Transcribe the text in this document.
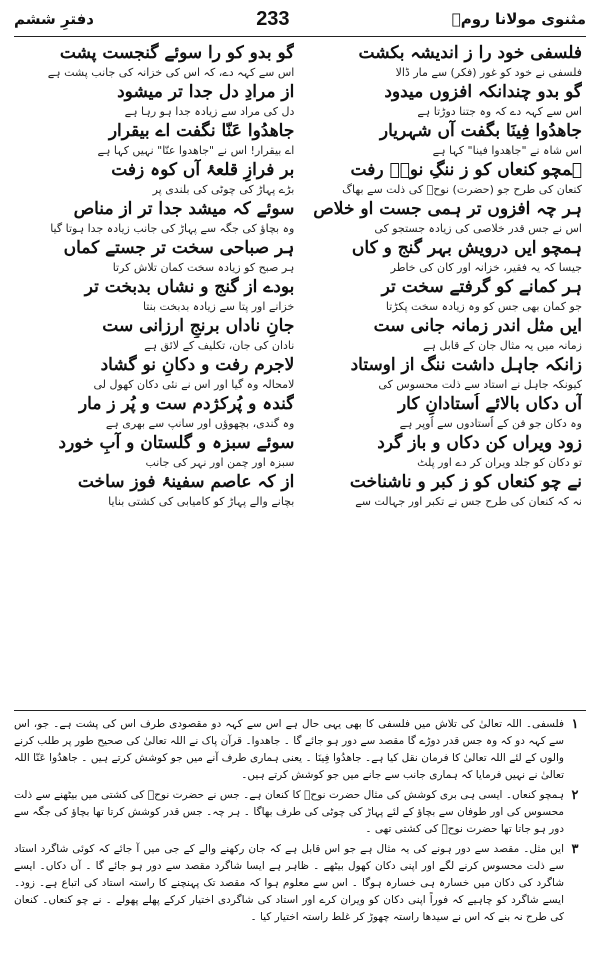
دفترِ ششم	233	مثنوی مولانا رومؒ
فلسفی خود را ز اندیشہ بکشت
فلسفی نے خود کو غور (فکر) سے مار ڈالا
گو بدو کو را سوئے گنجست پشت
اس سے کہہ دے، کہ اس کی خزانہ کی جانب پشت ہے
گو بدو چندانکہ افزوں میدود
اس سے کہہ دے کہ وہ جتنا دوڑتا ہے
از مرادِ دل جدا تر میشود
دل کی مراد سے زیادہ جدا ہو رہا ہے
جاھدُوا فِینَا بگفت آں شہریار
اس شاہ نے "جاھدوا فینا" کہا ہے
جاھدُوا عَنّا نگفت اے بیقرار
اے بیقرار! اس نے "جاھدوا عنّا" نہیں کہا ہے
ہمچو کنعاں کو ز ننگِ نوحؑ رفت
کنعان کی طرح جو (حضرت) نوحؑ کی ذلت سے بھاگ
بر فرازِ قلعۂ آں کوہ زفت
بڑے پہاڑ کی چوٹی کی بلندی پر
ہر چہ افزوں تر ہمی جست او خلاص
اس نے جس قدر خلاصی کی زیادہ جستجو کی
سوئے کہ میشد جدا تر از مناص
وہ بچاؤ کی جگہ سے پہاڑ کی جانب زیادہ جدا ہوتا گیا
ہمچو ایں درویش بہر گنج و کاں
جیسا کہ یہ فقیر، خزانہ اور کان کی خاطر
ہر صباحی سخت تر جستے کماں
ہر صبح کو زیادہ سخت کمان تلاش کرتا
ہر کمانے کو گرفتے سخت تر
جو کمان بھی جس کو وہ زیادہ سخت پکڑتا
بودے از گنج و نشاں بدبخت تر
خزانے اور پتا سے زیادہ بدبخت بنتا
ایں مثل اندر زمانہ جانی ست
زمانہ میں یہ مثال جان کے قابل ہے
جانِ ناداں برنجِ ارزانی ست
نادان کی جان، تکلیف کے لائق ہے
زانکہ جاہل داشت ننگ از اوستاد
کیونکہ جاہل نے استاد سے ذلت محسوس کی
لاجرم رفت و دکانِ نو گشاد
لامحالہ وہ گیا اور اس نے نئی دکان کھول لی
آں دکاں بالائے اُستادانِ کار
وہ دکان جو فن کے اُستادوں سے اُوپر ہے
گندہ و پُرکژدم ست و پُر ز مار
وہ گندی، بچھوؤں اور سانپ سے بھری ہے
زود ویراں کن دکاں و باز گرد
تو دکان کو جلد ویران کر دے اور پلٹ
سوئے سبزہ و گلستان و آبِ خورد
سبزہ اور چمن اور نہر کی جانب
نے چو کنعاں کو ز کبر و ناشناخت
نہ کہ کنعان کی طرح جس نے تکبر اور جہالت سے
از کہ عاصم سفینۂ فوز ساخت
بچانے والے پہاڑ کو کامیابی کی کشتی بنایا
۱
فلسفی۔ اللہ تعالیٰ کی تلاش میں فلسفی کا بھی یہی حال ہے اس سے کہہ دو مقصودی طرف اس کی پشت ہے۔ جو، اس سے کہہ دو کہ وہ جس قدر دوڑے گا مقصد سے دور ہو جائے گا ۔ جاھدوا۔ قرآن پاک نے اللہ تعالیٰ کی صحیح طور پر طلب کرنے والوں کے لئے اللہ تعالیٰ کا فرمان نقل کیا ہے۔ جاھدُوا فِینَا ۔ یعنی ہماری طرف آنے میں جو کوشش کرتے ہیں ۔ جاھدُوا عَنّا اللہ تعالیٰ نے نہیں فرمایا کہ ہماری جانب سے جانے میں جو کوشش کرتے ہیں۔
۲
ہمچو کنعاں۔ ایسی ہی بری کوشش کی مثال حضرت نوحؑ کا کنعان ہے۔ جس نے حضرت نوحؑ کی کشتی میں بیٹھنے سے ذلت محسوس کی اور طوفان سے بچاؤ کے لئے پہاڑ کی چوٹی کی طرف بھاگا ۔ ہر چہ۔ جس قدر کوشش کرتا تھا بچاؤ کی جگہ سے دور ہو جاتا تھا حضرت نوحؑ کی کشتی تھی ۔
۳
ایں مثل۔ مقصد سے دور ہونے کی یہ مثال ہے جو اس قابل ہے کہ جان رکھنے والے کے جی میں آ جائے کہ کوئی شاگرد استاد سے ذلت محسوس کرنے لگے اور اپنی دکان کھول بیٹھے ۔ ظاہر ہے ایسا شاگرد مقصد سے دور ہو جائے گا ۔ آں دکاں۔ ایسے شاگرد کی دکان میں خسارہ ہی خسارہ ہوگا ۔ اس سے معلوم ہوا کہ مقصد تک پہنچنے کا راستہ استاد کی اتباع ہے۔ زود۔ ایسے شاگرد کو چاہیے کہ فوراً اپنی دکان کو ویران کرے اور استاد کی شاگردی اختیار کرکے پھلے پھولے ۔ نے چو کنعاں۔ کنعان کی طرح نہ بنے کہ اس نے سیدھا راستہ چھوڑ کر غلط راستہ اختیار کیا ۔
